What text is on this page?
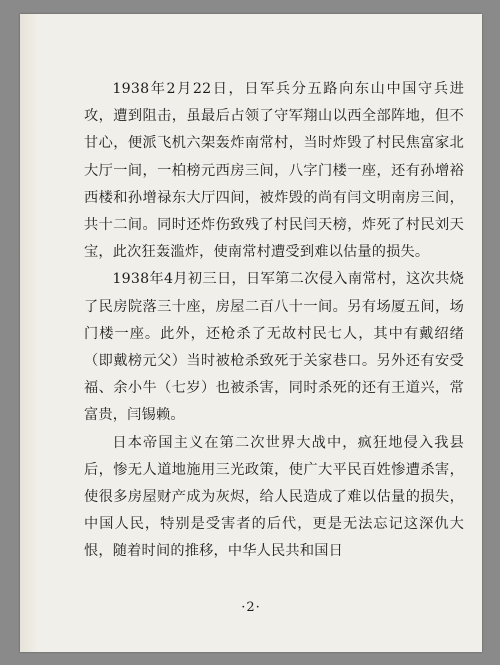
1938年2月22日，日军兵分五路向东山中国守兵进攻，遭到阻击，虽最后占领了守军翔山以西全部阵地，但不甘心，便派飞机六架轰炸南常村，当时炸毁了村民焦富家北大厅一间，一柏榜元西房三间，八字门楼一座，还有孙增裕西楼和孙增禄东大厅四间，被炸毁的尚有闫文明南房三间，共十二间。同时还炸伤致残了村民闫天榜，炸死了村民刘天宝，此次狂轰滥炸，使南常村遭受到难以估量的损失。

1938年4月初三日，日军第二次侵入南常村，这次共烧了民房院落三十座，房屋二百八十一间。另有场厦五间，场门楼一座。此外，还枪杀了无故村民七人，其中有戴绍绪（即戴榜元父）当时被枪杀致死于关家巷口。另外还有安受福、余小牛（七岁）也被杀害，同时杀死的还有王道兴，常富贵，闫锡赖。

日本帝国主义在第二次世界大战中，疯狂地侵入我县后，惨无人道地施用三光政策，使广大平民百姓惨遭杀害，使很多房屋财产成为灰烬，给人民造成了难以估量的损失，中国人民，特别是受害者的后代，更是无法忘记这深仇大恨，随着时间的推移，中华人民共和国日

·2·
